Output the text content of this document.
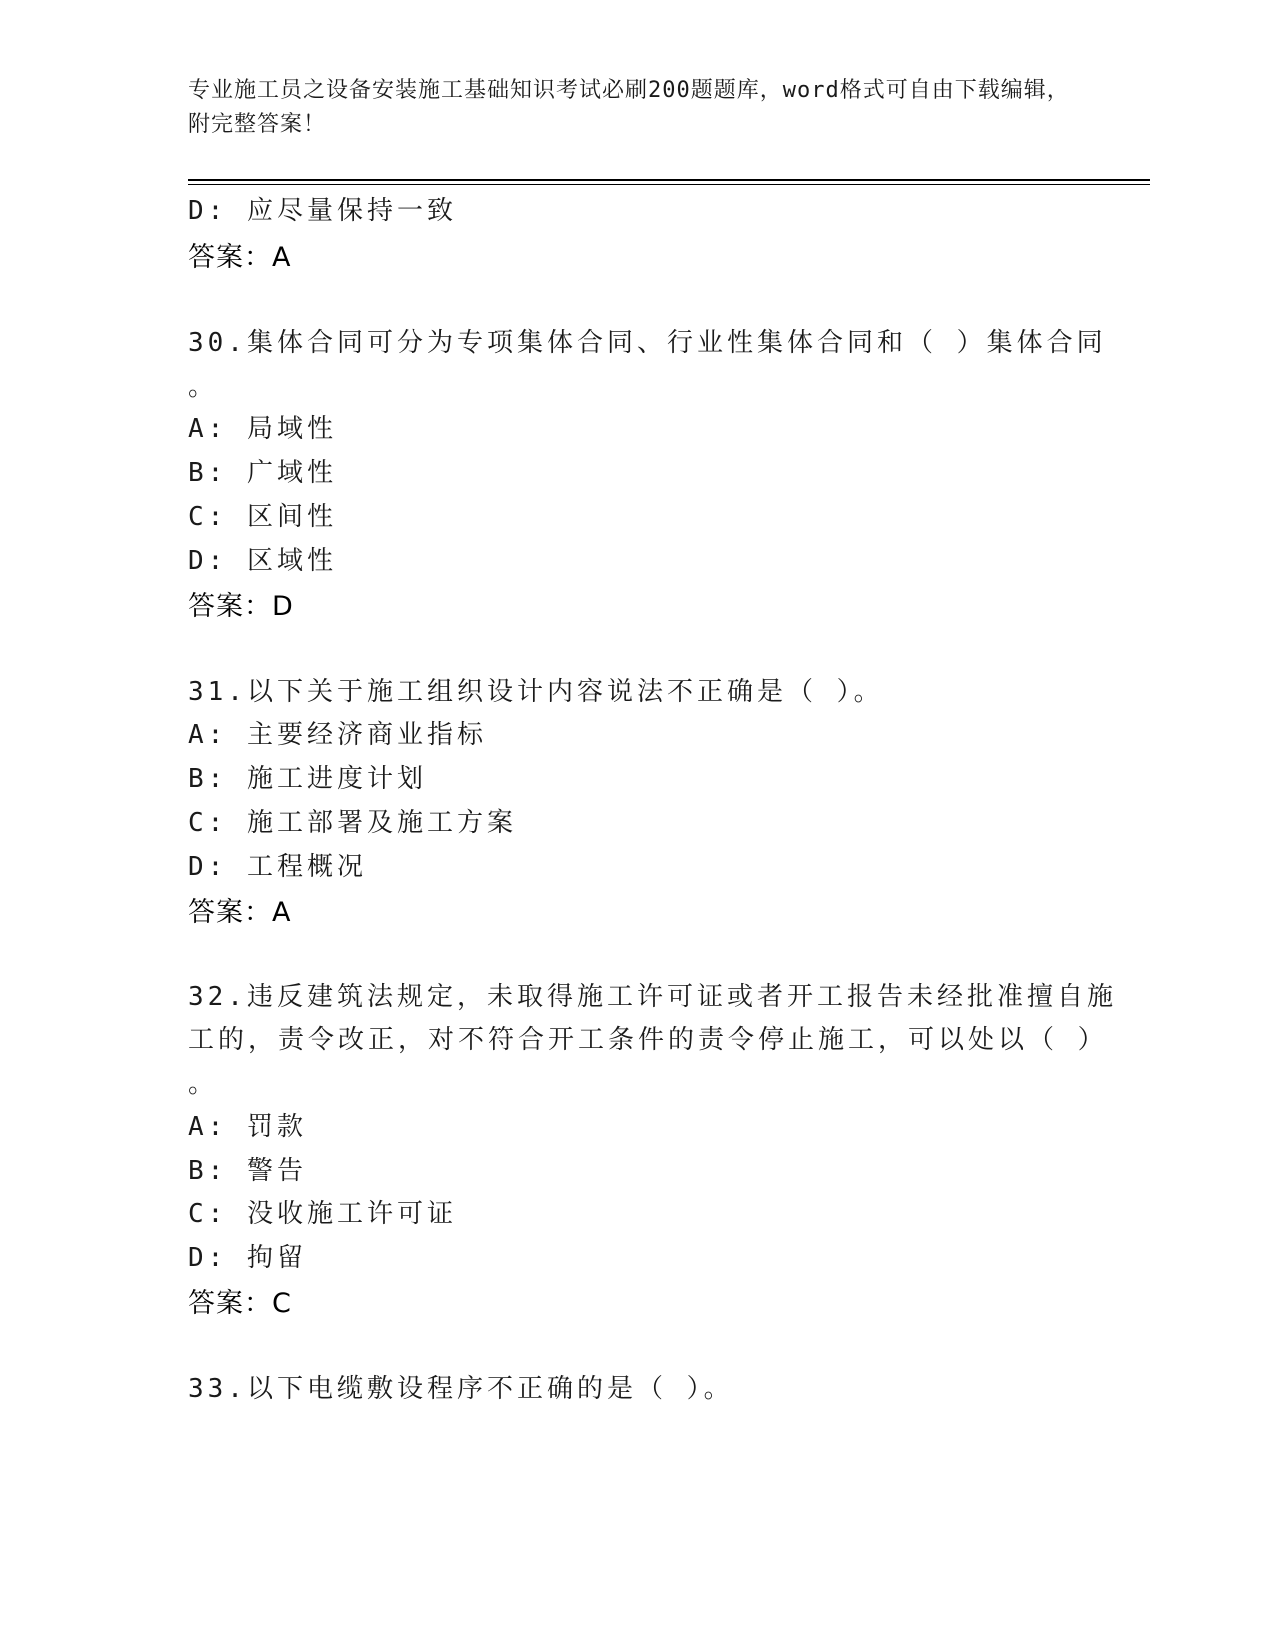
专业施工员之设备安装施工基础知识考试必刷200题题库，word格式可自由下载编辑，附完整答案！
D: 应尽量保持一致
答案：A
30.集体合同可分为专项集体合同、行业性集体合同和（ ）集体合同
。
A: 局域性
B: 广域性
C: 区间性
D: 区域性
答案：D
31.以下关于施工组织设计内容说法不正确是（ ）。
A: 主要经济商业指标
B: 施工进度计划
C: 施工部署及施工方案
D: 工程概况
答案：A
32.违反建筑法规定，未取得施工许可证或者开工报告未经批准擅自施
工的，责令改正，对不符合开工条件的责令停止施工，可以处以（ ）
。
A: 罚款
B: 警告
C: 没收施工许可证
D: 拘留
答案：C
33.以下电缆敷设程序不正确的是（ ）。
